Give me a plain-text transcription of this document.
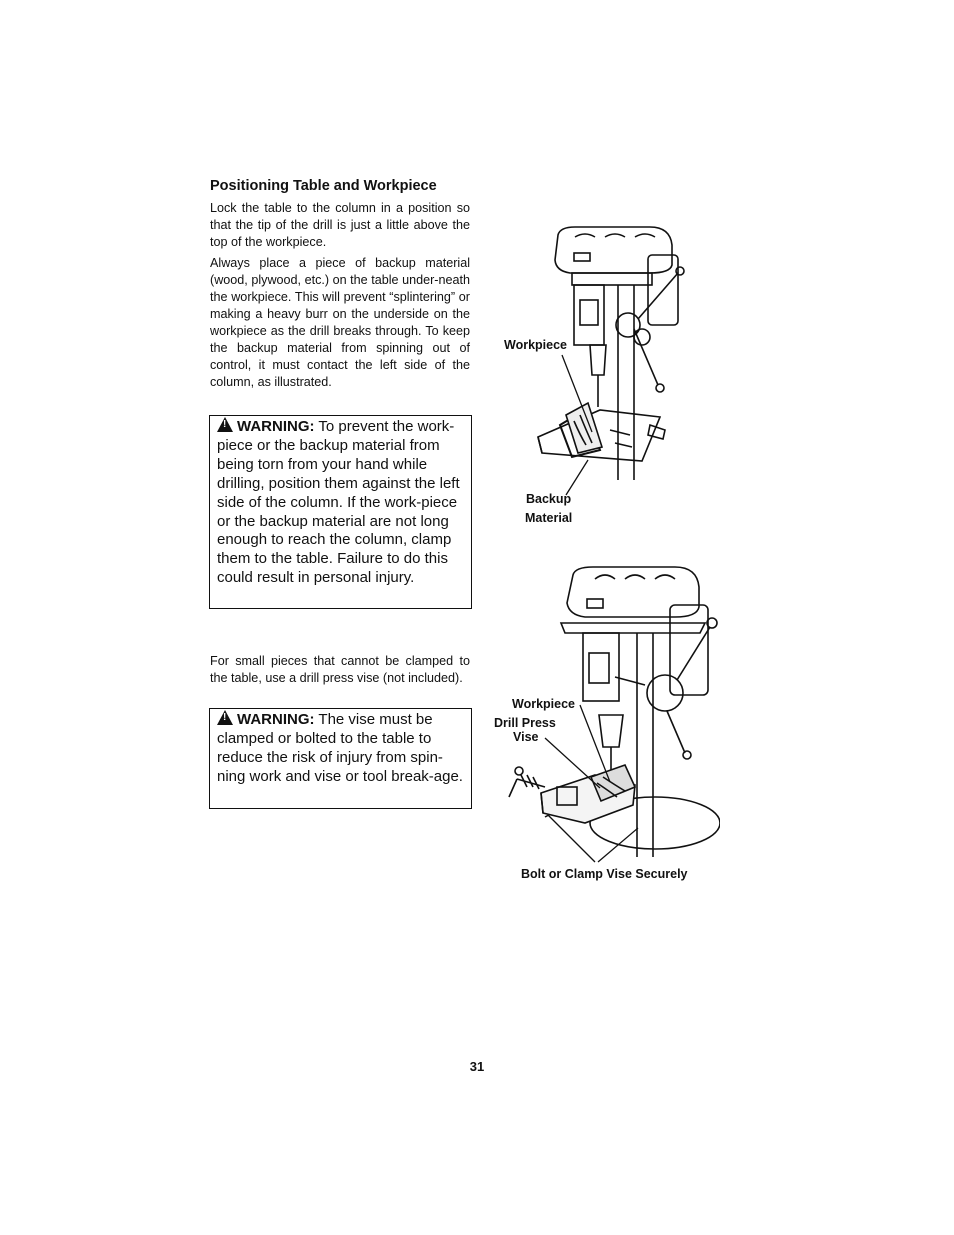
Positioning Table and Workpiece

Lock the table to the column in a position so that the tip of the drill is just a little above the top of the workpiece.

Always place a piece of backup material (wood, plywood, etc.) on the table under-neath the workpiece. This will prevent “splintering” or making a heavy burr on the underside on the workpiece as the drill breaks through. To keep the backup material from spinning out of control, it must contact the left side of the column, as illustrated.

!WARNING: To prevent the work-piece or the backup material from being torn from your hand while drilling, position them against the left side of the column. If the work-piece or the backup material are not long enough to reach the column, clamp them to the table. Failure to do this could result in personal injury.

For small pieces that cannot be clamped to the table, use a drill press vise (not included).

!WARNING: The vise must be clamped or bolted to the table to reduce the risk of injury from spin-ning work and vise or tool break-age.
Workpiece
Backup
Material
Workpiece
Drill Press
Vise
Bolt or Clamp Vise Securely
31
